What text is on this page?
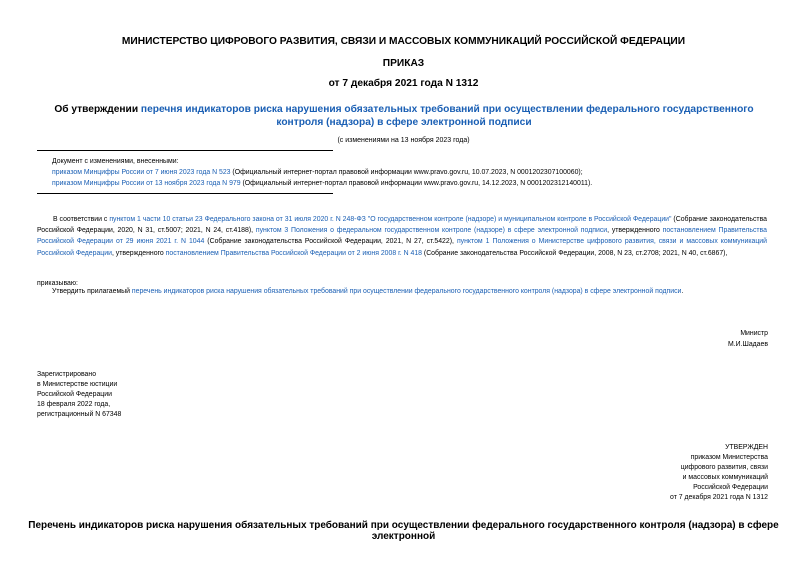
МИНИСТЕРСТВО ЦИФРОВОГО РАЗВИТИЯ, СВЯЗИ И МАССОВЫХ КОММУНИКАЦИЙ РОССИЙСКОЙ ФЕДЕРАЦИИ
ПРИКАЗ
от 7 декабря 2021 года N 1312
Об утверждении перечня индикаторов риска нарушения обязательных требований при осуществлении федерального государственного контроля (надзора) в сфере электронной подписи
(с изменениями на 13 ноября 2023 года)
Документ с изменениями, внесенными:
приказом Минцифры России от 7 июня 2023 года N 523 (Официальный интернет-портал правовой информации www.pravo.gov.ru, 10.07.2023, N 0001202307100060);
приказом Минцифры России от 13 ноября 2023 года N 979 (Официальный интернет-портал правовой информации www.pravo.gov.ru, 14.12.2023, N 0001202312140011).
В соответствии с пунктом 1 части 10 статьи 23 Федерального закона от 31 июля 2020 г. N 248-ФЗ "О государственном контроле (надзоре) и муниципальном контроле в Российской Федерации" (Собрание законодательства Российской Федерации, 2020, N 31, ст.5007; 2021, N 24, ст.4188), пунктом 3 Положения о федеральном государственном контроле (надзоре) в сфере электронной подписи, утвержденного постановлением Правительства Российской Федерации от 29 июня 2021 г. N 1044 (Собрание законодательства Российской Федерации, 2021, N 27, ст.5422), пунктом 1 Положения о Министерстве цифрового развития, связи и массовых коммуникаций Российской Федерации, утвержденного постановлением Правительства Российской Федерации от 2 июня 2008 г. N 418 (Собрание законодательства Российской Федерации, 2008, N 23, ст.2708; 2021, N 40, ст.6867),
приказываю:
Утвердить прилагаемый перечень индикаторов риска нарушения обязательных требований при осуществлении федерального государственного контроля (надзора) в сфере электронной подписи.
Министр
М.И.Шадаев
Зарегистрировано
в Министерстве юстиции
Российской Федерации
18 февраля 2022 года,
регистрационный N 67348
УТВЕРЖДЕН
приказом Министерства
цифрового развития, связи
и массовых коммуникаций
Российской Федерации
от 7 декабря 2021 года N 1312
Перечень индикаторов риска нарушения обязательных требований при осуществлении федерального государственного контроля (надзора) в сфере электронной
